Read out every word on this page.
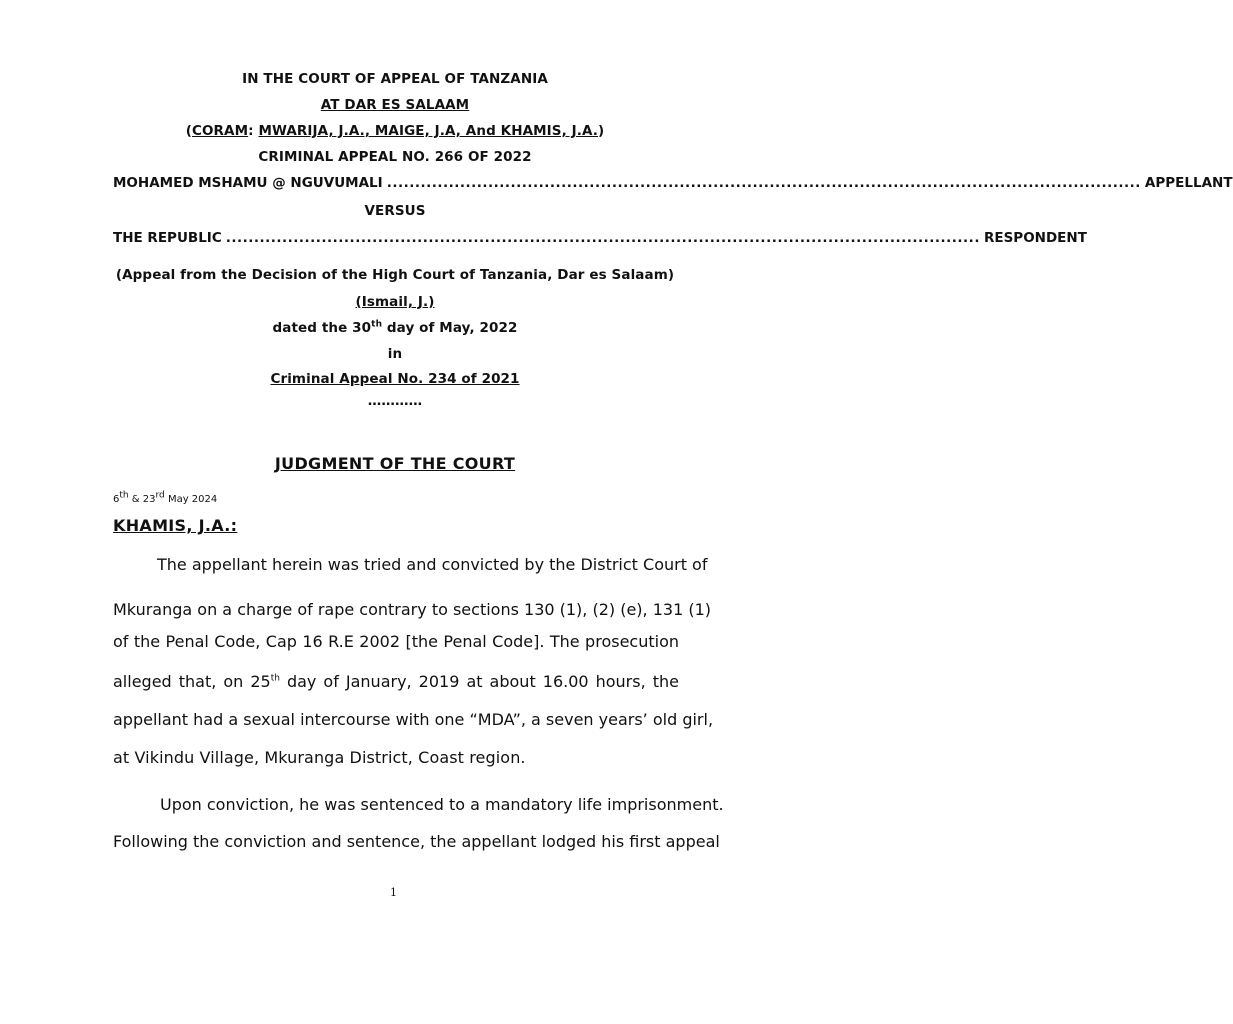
IN THE COURT OF APPEAL OF TANZANIA
AT DAR ES SALAAM
(CORAM: MWARIJA, J.A., MAIGE, J.A, And KHAMIS, J.A.)
CRIMINAL APPEAL NO. 266 OF 2022
MOHAMED MSHAMU @ NGUVUMALI ...................................................................................................................................... APPELLANT
VERSUS
THE REPUBLIC ...................................................................................................................................... RESPONDENT
(Appeal from the Decision of the High Court of Tanzania, Dar es Salaam)
(Ismail, J.)
dated the 30th day of May, 2022
in
Criminal Appeal No. 234 of 2021
…………
JUDGMENT OF THE COURT
6th & 23rd May 2024
KHAMIS, J.A.:
The appellant herein was tried and convicted by the District Court of
Mkuranga on a charge of rape contrary to sections 130 (1), (2) (e), 131 (1)
of the Penal Code, Cap 16 R.E 2002 [the Penal Code]. The prosecution
alleged that, on 25th day of January, 2019 at about 16.00 hours, the
appellant had a sexual intercourse with one “MDA”, a seven years’ old girl,
at Vikindu Village, Mkuranga District, Coast region.
Upon conviction, he was sentenced to a mandatory life imprisonment.
Following the conviction and sentence, the appellant lodged his first appeal
1
